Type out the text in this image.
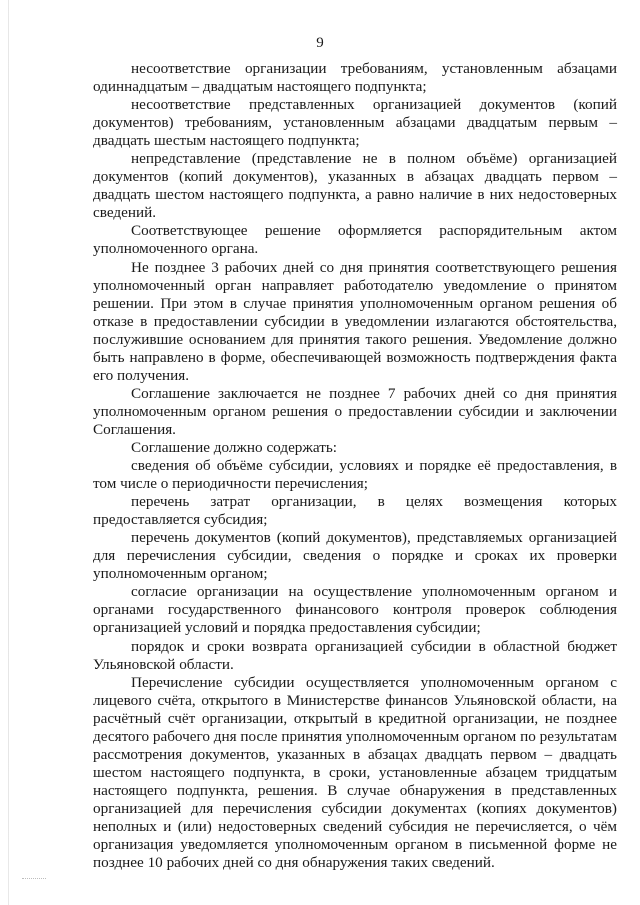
9

несоответствие организации требованиям, установленным абзацами одиннадцатым – двадцатым настоящего подпункта;

несоответствие представленных организацией документов (копий документов) требованиям, установленным абзацами двадцатым первым – двадцать шестым настоящего подпункта;

непредставление (представление не в полном объёме) организацией документов (копий документов), указанных в абзацах двадцать первом – двадцать шестом настоящего подпункта, а равно наличие в них недостоверных сведений.

Соответствующее решение оформляется распорядительным актом уполномоченного органа.

Не позднее 3 рабочих дней со дня принятия соответствующего решения уполномоченный орган направляет работодателю уведомление о принятом решении. При этом в случае принятия уполномоченным органом решения об отказе в предоставлении субсидии в уведомлении излагаются обстоятельства, послужившие основанием для принятия такого решения. Уведомление должно быть направлено в форме, обеспечивающей возможность подтверждения факта его получения.

Соглашение заключается не позднее 7 рабочих дней со дня принятия уполномоченным органом решения о предоставлении субсидии и заключении Соглашения.

Соглашение должно содержать:

сведения об объёме субсидии, условиях и порядке её предоставления, в том числе о периодичности перечисления;

перечень затрат организации, в целях возмещения которых предоставляется субсидия;

перечень документов (копий документов), представляемых организацией для перечисления субсидии, сведения о порядке и сроках их проверки уполномоченным органом;

согласие организации на осуществление уполномоченным органом и органами государственного финансового контроля проверок соблюдения организацией условий и порядка предоставления субсидии;

порядок и сроки возврата организацией субсидии в областной бюджет Ульяновской области.

Перечисление субсидии осуществляется уполномоченным органом с лицевого счёта, открытого в Министерстве финансов Ульяновской области, на расчётный счёт организации, открытый в кредитной организации, не позднее десятого рабочего дня после принятия уполномоченным органом по результатам рассмотрения документов, указанных в абзацах двадцать первом – двадцать шестом настоящего подпункта, в сроки, установленные абзацем тридцатым настоящего подпункта, решения. В случае обнаружения в представленных организацией для перечисления субсидии документах (копиях документов) неполных и (или) недостоверных сведений субсидия не перечисляется, о чём организация уведомляется уполномоченным органом в письменной форме не позднее 10 рабочих дней со дня обнаружения таких сведений.
